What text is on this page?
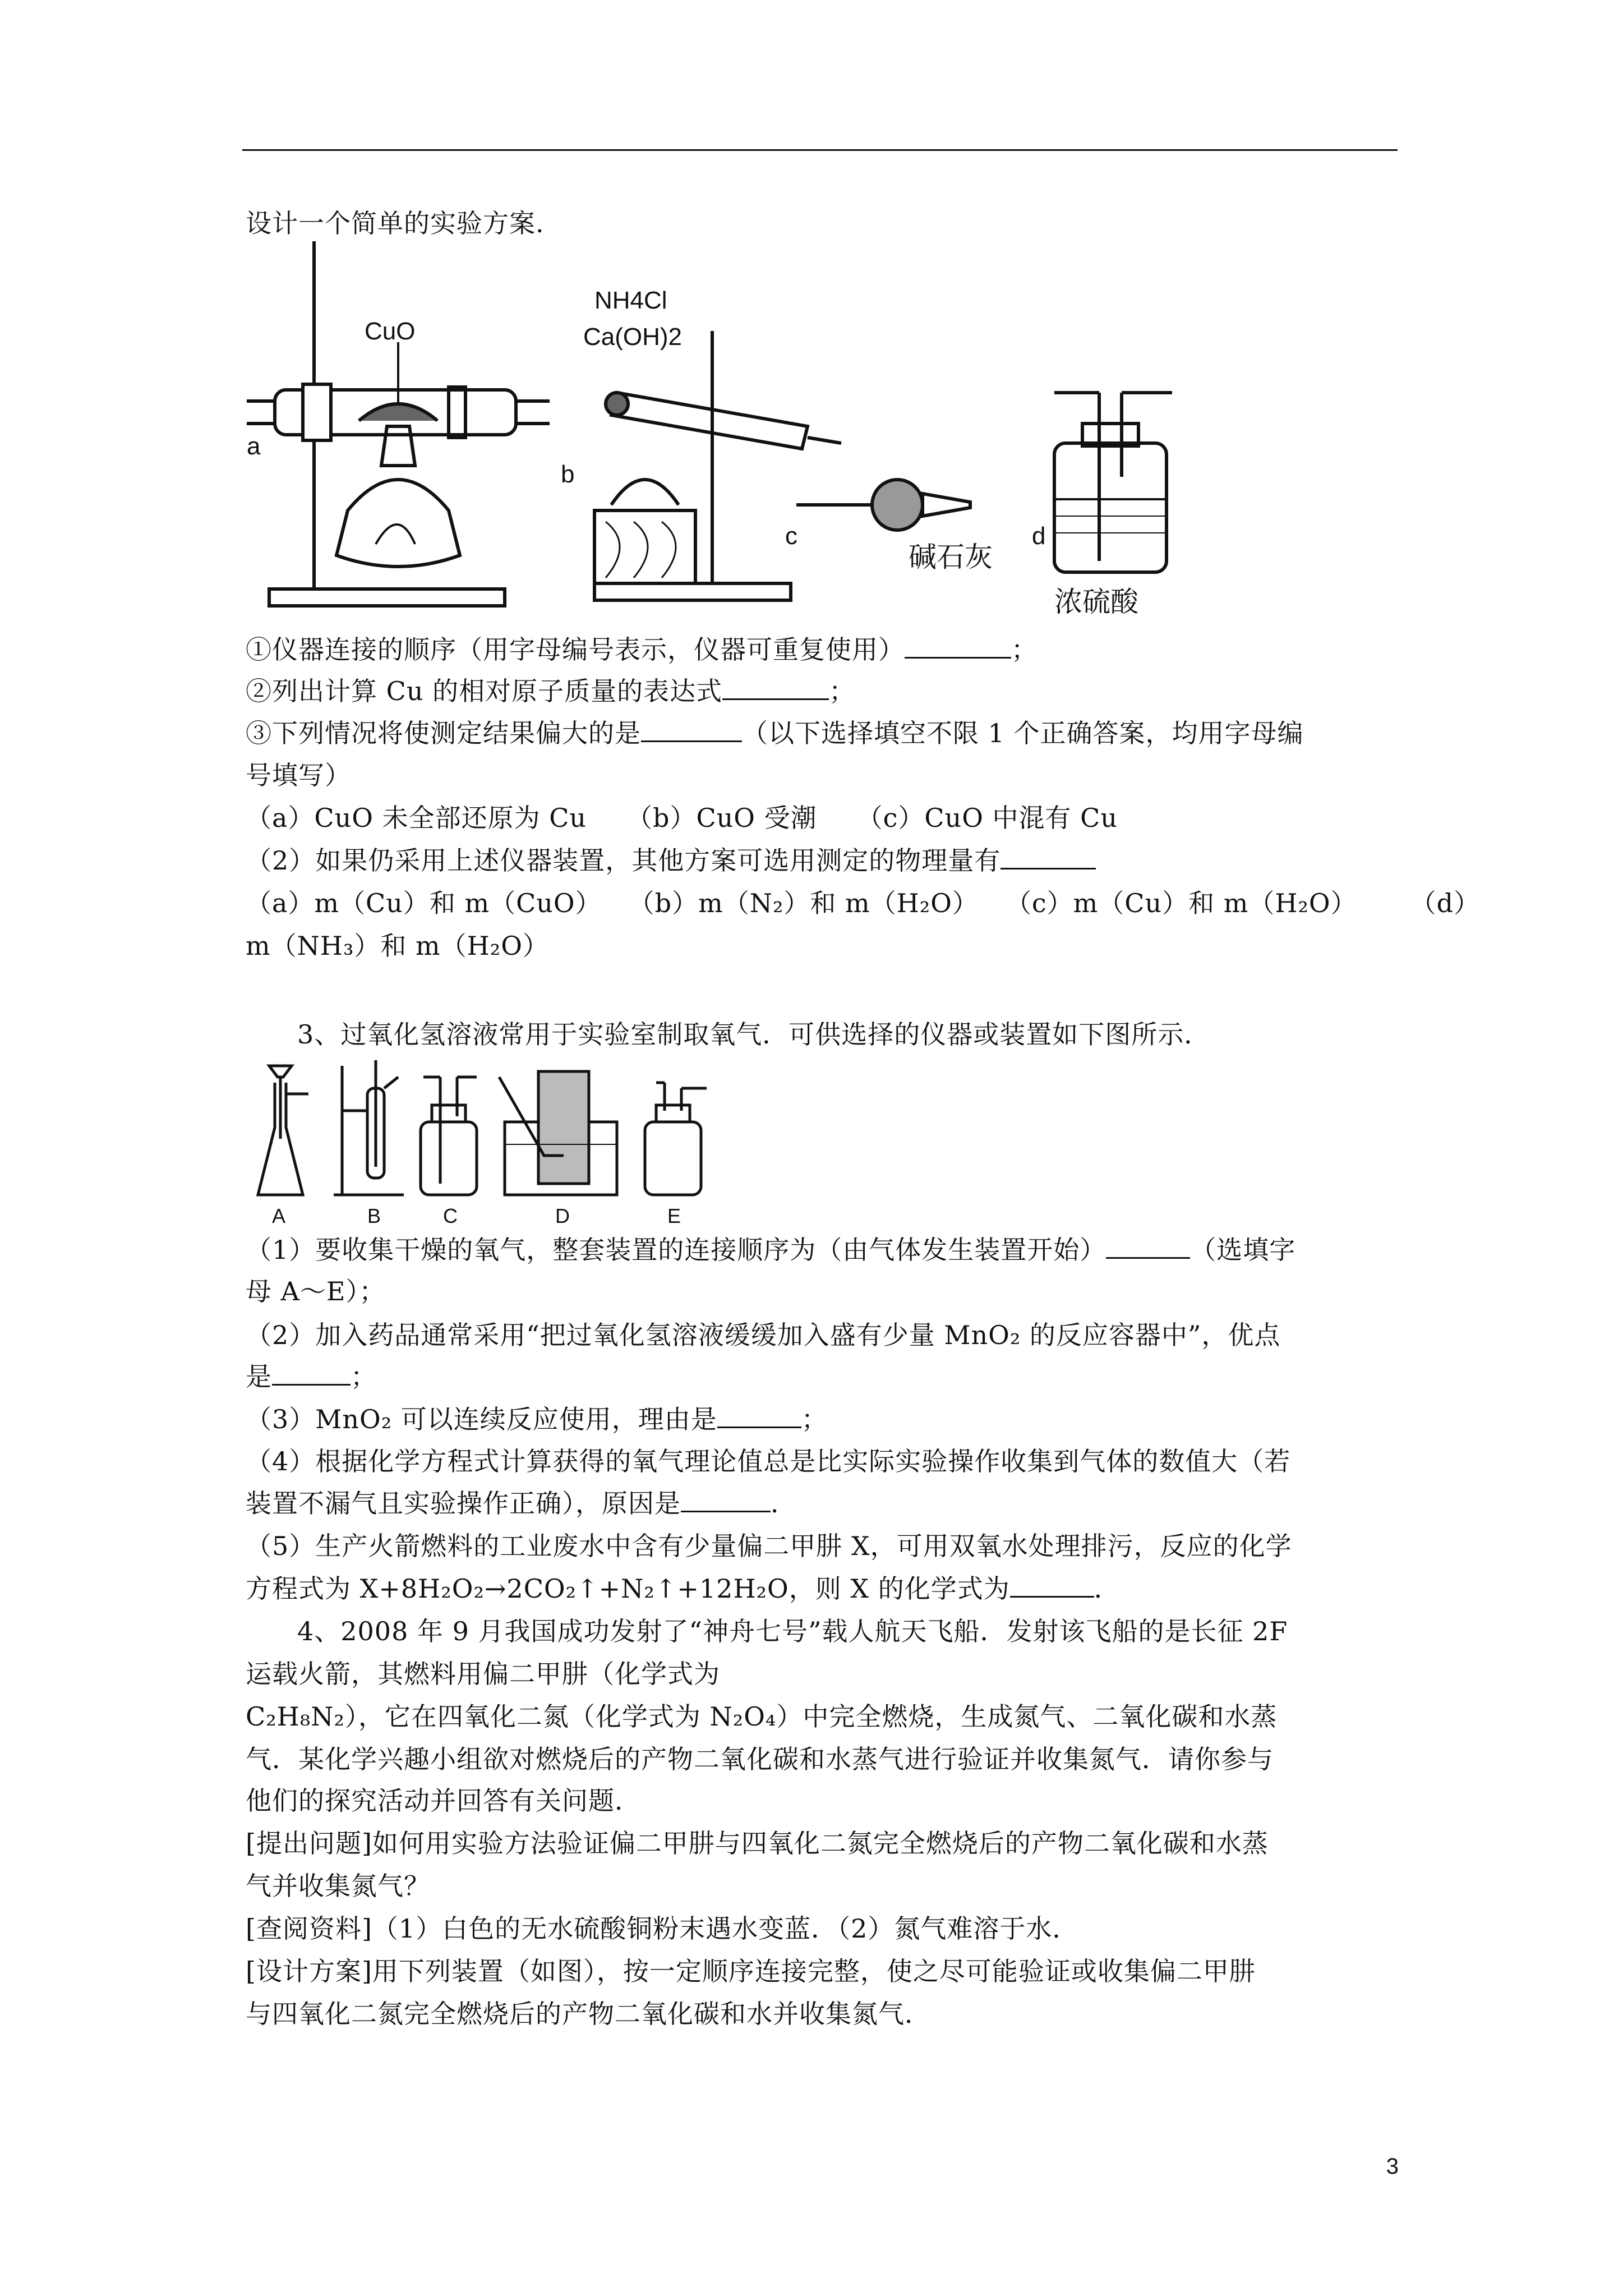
设计一个简单的实验方案.
a
CuO
NH4Cl
Ca(OH)2
b
c
碱石灰
d
浓硫酸
①仪器连接的顺序（用字母编号表示，仪器可重复使用）	；
②列出计算 Cu 的相对原子质量的表达式	；
③下列情况将使测定结果偏大的是	（以下选择填空不限 1 个正确答案，均用字母编
号填写）
（a）CuO 未全部还原为 Cu　　（b）CuO 受潮　　（c）CuO 中混有 Cu
（2）如果仍采用上述仪器装置，其他方案可选用测定的物理量有
（a）m（Cu）和 m（CuO）　　（b）m（N₂）和 m（H₂O）　　（c）m（Cu）和 m（H₂O）　　　（d）
m（NH₃）和 m（H₂O）
3、过氧化氢溶液常用于实验室制取氧气．可供选择的仪器或装置如下图所示．
A	B	C	D	E
（1）要收集干燥的氧气，整套装置的连接顺序为（由气体发生装置开始）	（选填字
母 A～E）；
（2）加入药品通常采用“把过氧化氢溶液缓缓加入盛有少量 MnO₂ 的反应容器中”，优点
是	；
（3）MnO₂ 可以连续反应使用，理由是	；
（4）根据化学方程式计算获得的氧气理论值总是比实际实验操作收集到气体的数值大（若
装置不漏气且实验操作正确），原因是	．
（5）生产火箭燃料的工业废水中含有少量偏二甲肼 X，可用双氧水处理排污，反应的化学
方程式为 X+8H₂O₂→2CO₂↑+N₂↑+12H₂O，则 X 的化学式为	．
4、2008 年 9 月我国成功发射了“神舟七号”载人航天飞船．发射该飞船的是长征 2F
运载火箭，其燃料用偏二甲肼（化学式为
C₂H₈N₂），它在四氧化二氮（化学式为 N₂O₄）中完全燃烧，生成氮气、二氧化碳和水蒸
气．某化学兴趣小组欲对燃烧后的产物二氧化碳和水蒸气进行验证并收集氮气．请你参与
他们的探究活动并回答有关问题．
[提出问题]如何用实验方法验证偏二甲肼与四氧化二氮完全燃烧后的产物二氧化碳和水蒸
气并收集氮气？
[查阅资料]（1）白色的无水硫酸铜粉末遇水变蓝．（2）氮气难溶于水．
[设计方案]用下列装置（如图），按一定顺序连接完整，使之尽可能验证或收集偏二甲肼
与四氧化二氮完全燃烧后的产物二氧化碳和水并收集氮气．
3
